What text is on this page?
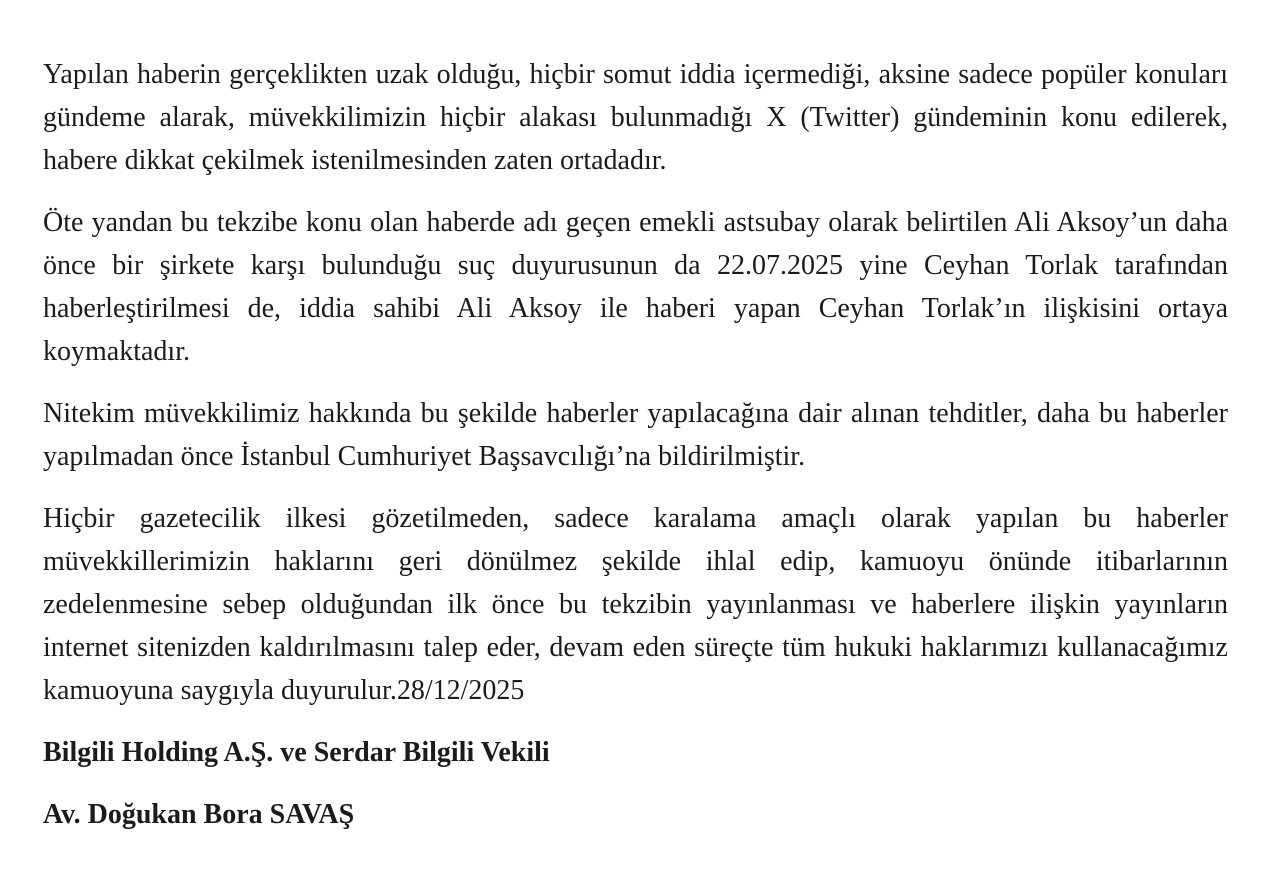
Yapılan haberin gerçeklikten uzak olduğu, hiçbir somut iddia içermediği, aksine sadece popüler konuları gündeme alarak, müvekkilimizin hiçbir alakası bulunmadığı X (Twitter) gündeminin konu edilerek, habere dikkat çekilmek istenilmesinden zaten ortadadır.

Öte yandan bu tekzibe konu olan haberde adı geçen emekli astsubay olarak belirtilen Ali Aksoy’un daha önce bir şirkete karşı bulunduğu suç duyurusunun da 22.07.2025 yine Ceyhan Torlak tarafından haberleştirilmesi de, iddia sahibi Ali Aksoy ile haberi yapan Ceyhan Torlak’ın ilişkisini ortaya koymaktadır.

Nitekim müvekkilimiz hakkında bu şekilde haberler yapılacağına dair alınan tehditler, daha bu haberler yapılmadan önce İstanbul Cumhuriyet Başsavcılığı’na bildirilmiştir.

Hiçbir gazetecilik ilkesi gözetilmeden, sadece karalama amaçlı olarak yapılan bu haberler müvekkillerimizin haklarını geri dönülmez şekilde ihlal edip, kamuoyu önünde itibarlarının zedelenmesine sebep olduğundan ilk önce bu tekzibin yayınlanması ve haberlere ilişkin yayınların internet sitenizden kaldırılmasını talep eder, devam eden süreçte tüm hukuki haklarımızı kullanacağımız kamuoyuna saygıyla duyurulur.28/12/2025

Bilgili Holding A.Ş. ve Serdar Bilgili Vekili

Av. Doğukan Bora SAVAŞ
